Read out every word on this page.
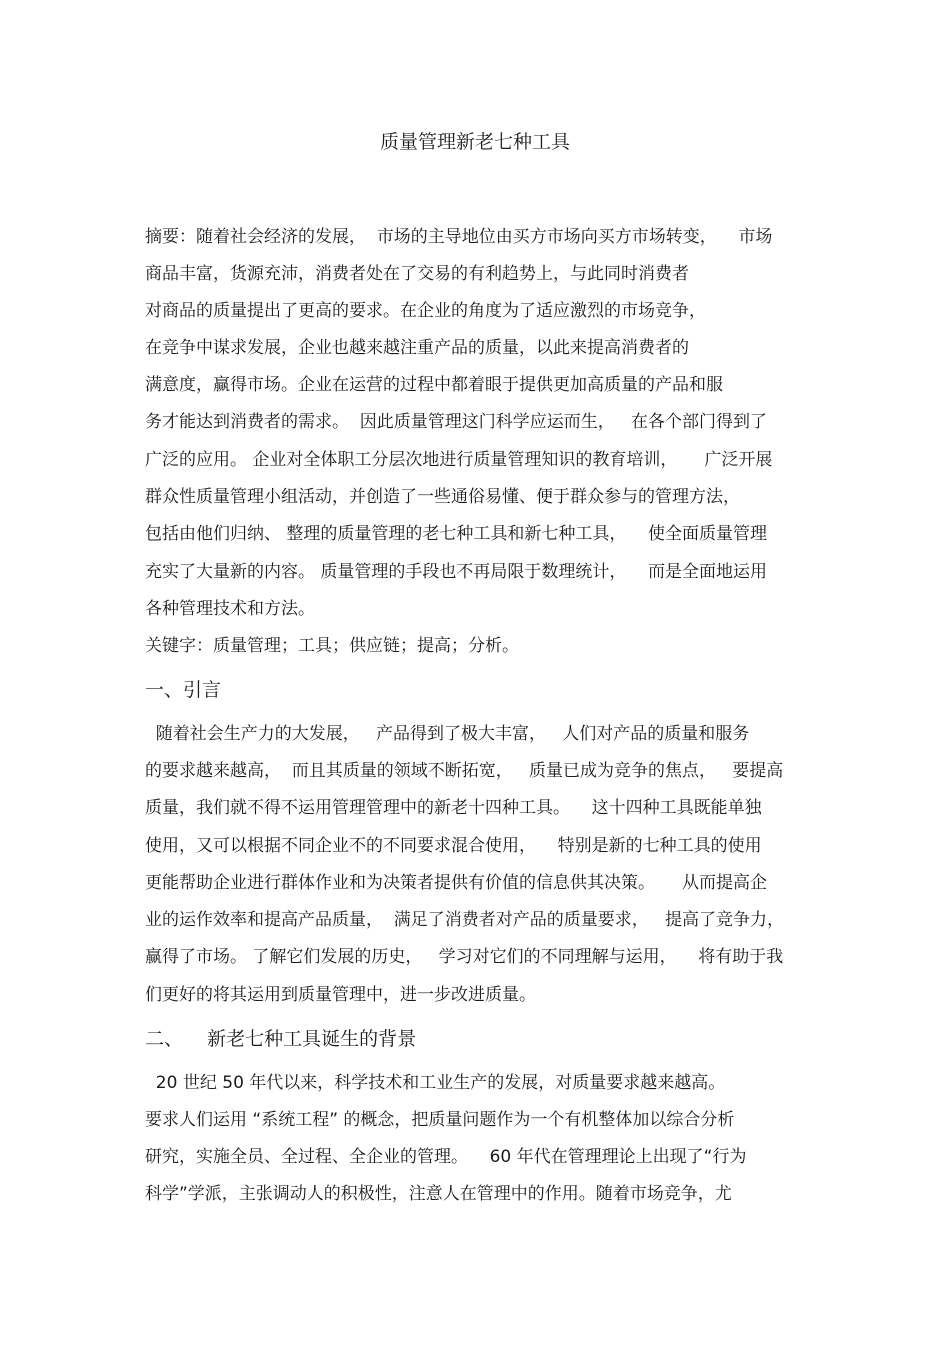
质量管理新老七种工具
摘要：随着社会经济的发展，  市场的主导地位由买方市场向买方市场转变，    市场
商品丰富，货源充沛，消费者处在了交易的有利趋势上，与此同时消费者
对商品的质量提出了更高的要求。在企业的角度为了适应激烈的市场竞争，
在竞争中谋求发展，企业也越来越注重产品的质量，以此来提高消费者的
满意度，赢得市场。企业在运营的过程中都着眼于提供更加高质量的产品和服
务才能达到消费者的需求。  因此质量管理这门科学应运而生，   在各个部门得到了
广泛的应用。 企业对全体职工分层次地进行质量管理知识的教育培训，     广泛开展
群众性质量管理小组活动，并创造了一些通俗易懂、便于群众参与的管理方法，
包括由他们归纳、 整理的质量管理的老七种工具和新七种工具，    使全面质量管理
充实了大量新的内容。 质量管理的手段也不再局限于数理统计，    而是全面地运用
各种管理技术和方法。
关键字：质量管理；工具；供应链；提高；分析。
一、引言
随着社会生产力的大发展，   产品得到了极大丰富，   人们对产品的质量和服务
的要求越来越高，  而且其质量的领域不断拓宽，   质量已成为竞争的焦点，   要提高
质量，我们就不得不运用管理管理中的新老十四种工具。    这十四种工具既能单独
使用，又可以根据不同企业不的不同要求混合使用，    特别是新的七种工具的使用
更能帮助企业进行群体作业和为决策者提供有价值的信息供其决策。     从而提高企
业的运作效率和提高产品质量，  满足了消费者对产品的质量要求，   提高了竞争力，
赢得了市场。 了解它们发展的历史，   学习对它们的不同理解与运用，    将有助于我
们更好的将其运用到质量管理中，进一步改进质量。
二、    新老七种工具诞生的背景
20 世纪 50 年代以来，科学技术和工业生产的发展，对质量要求越来越高。
要求人们运用 “系统工程” 的概念，把质量问题作为一个有机整体加以综合分析
研究，实施全员、全过程、全企业的管理。    60 年代在管理理论上出现了“行为
科学”学派，主张调动人的积极性，注意人在管理中的作用。随着市场竞争，尤
